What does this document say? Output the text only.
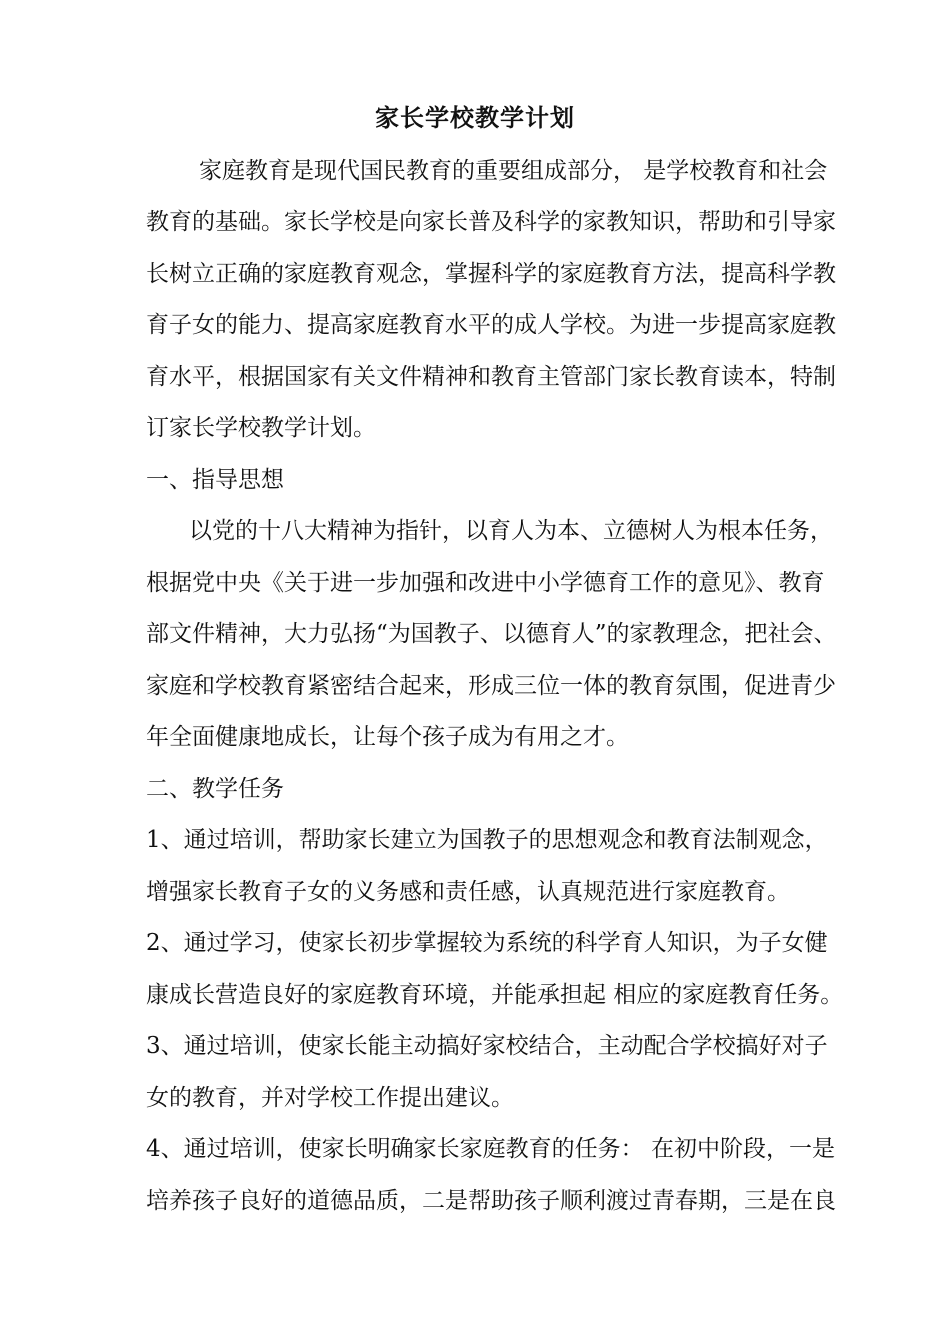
家长学校教学计划
家庭教育是现代国民教育的重要组成部分， 是学校教育和社会
教育的基础。家长学校是向家长普及科学的家教知识，帮助和引导家
长树立正确的家庭教育观念，掌握科学的家庭教育方法，提高科学教
育子女的能力、提高家庭教育水平的成人学校。为进一步提高家庭教
育水平，根据国家有关文件精神和教育主管部门家长教育读本，特制
订家长学校教学计划。
一、指导思想
以党的十八大精神为指针，以育人为本、立德树人为根本任务，
根据党中央《关于进一步加强和改进中小学德育工作的意见》、教育
部文件精神，大力弘扬“为国教子、以德育人”的家教理念，把社会、
家庭和学校教育紧密结合起来，形成三位一体的教育氛围，促进青少
年全面健康地成长，让每个孩子成为有用之才。
二、教学任务
1、通过培训，帮助家长建立为国教子的思想观念和教育法制观念，
增强家长教育子女的义务感和责任感，认真规范进行家庭教育。
2、通过学习，使家长初步掌握较为系统的科学育人知识，为子女健
康成长营造良好的家庭教育环境，并能承担起 相应的家庭教育任务。
3、通过培训，使家长能主动搞好家校结合，主动配合学校搞好对子
女的教育，并对学校工作提出建议。
4、通过培训，使家长明确家长家庭教育的任务： 在初中阶段，一是
培养孩子良好的道德品质，二是帮助孩子顺利渡过青春期，三是在良
